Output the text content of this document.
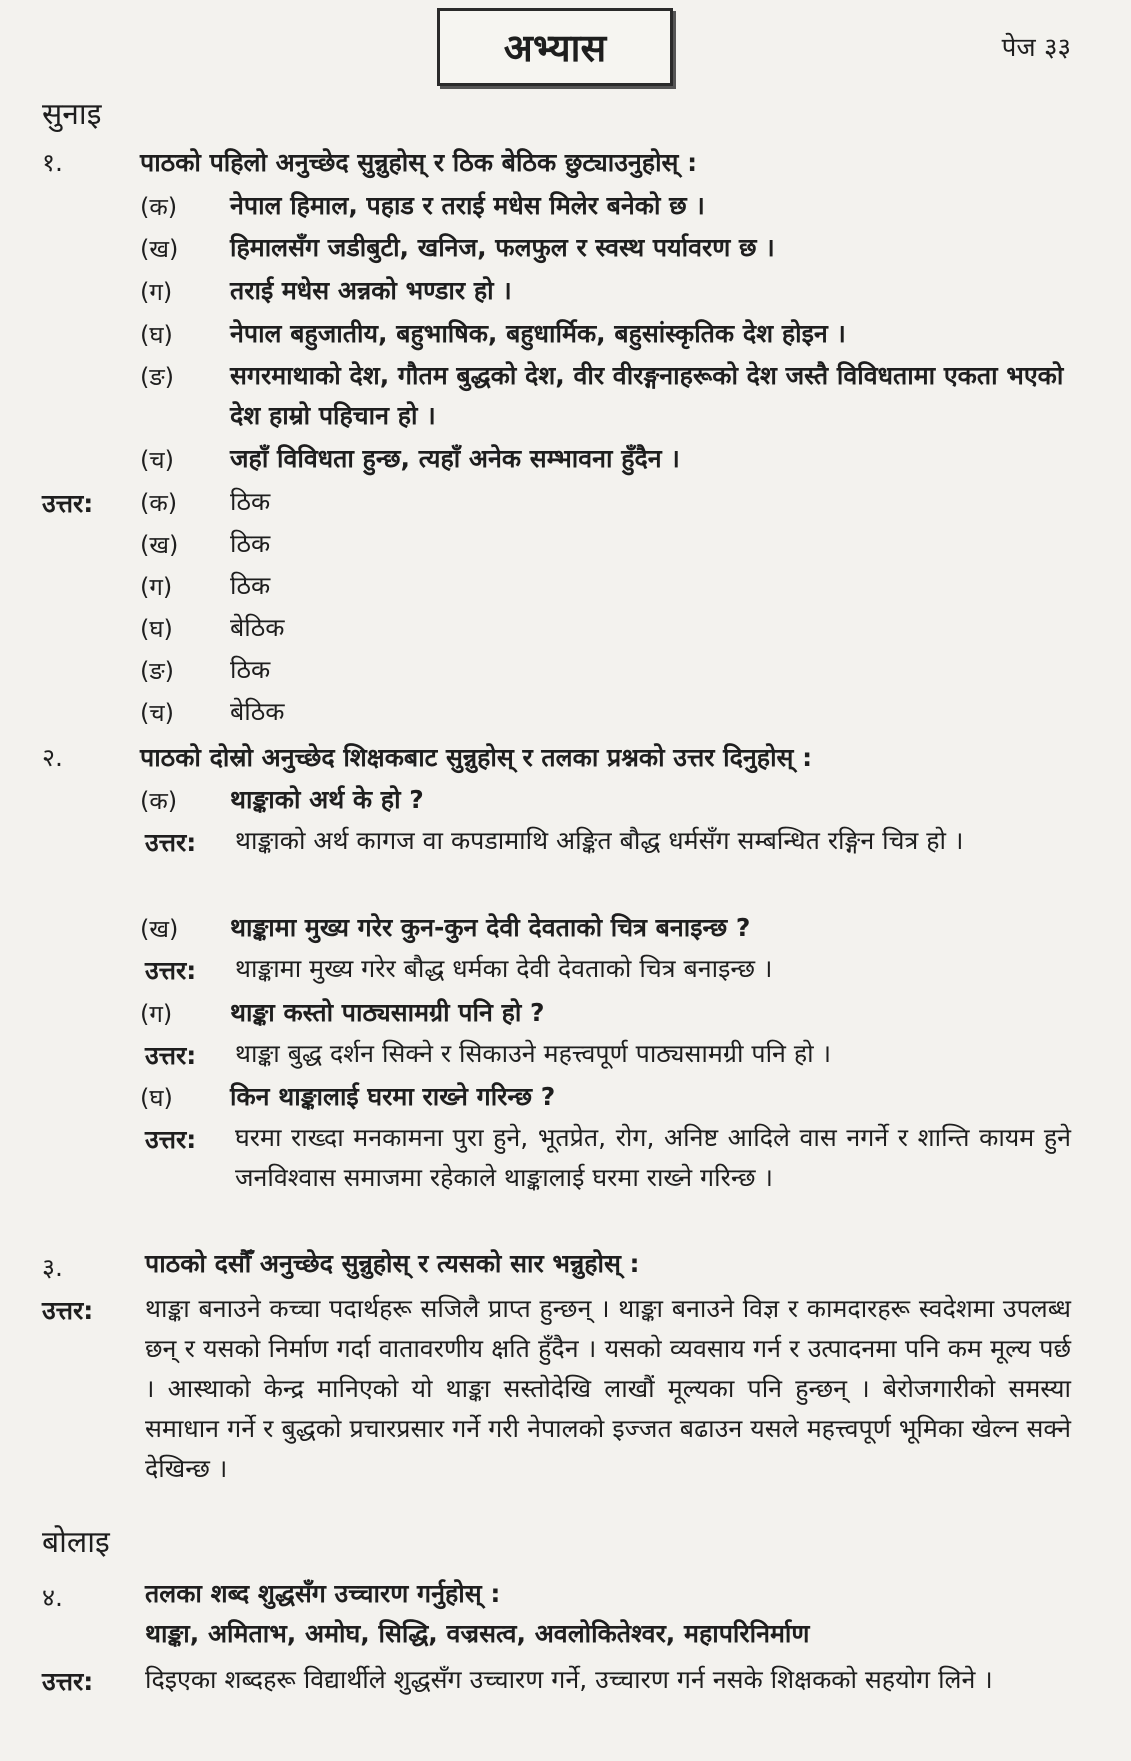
अभ्यास	पेज ३३
सुनाइ
१.	पाठको पहिलो अनुच्छेद सुन्नुहोस् र ठिक बेठिक छुट्याउनुहोस् :
(क)	नेपाल हिमाल, पहाड र तराई मधेस मिलेर बनेको छ ।
(ख)	हिमालसँग जडीबुटी, खनिज, फलफुल र स्वस्थ पर्यावरण छ ।
(ग)	तराई मधेस अन्नको भण्डार हो ।
(घ)	नेपाल बहुजातीय, बहुभाषिक, बहुधार्मिक, बहुसांस्कृतिक देश होइन ।
(ङ)	सगरमाथाको देश, गौतम बुद्धको देश, वीर वीरङ्गनाहरूको देश जस्तै विविधतामा एकता भएको देश हाम्रो पहिचान हो ।
(च)	जहाँ विविधता हुन्छ, त्यहाँ अनेक सम्भावना हुँदैन ।
उत्तर: (क)	ठिक
(ख)	ठिक
(ग)	ठिक
(घ)	बेठिक
(ङ)	ठिक
(च)	बेठिक
२.	पाठको दोस्रो अनुच्छेद शिक्षकबाट सुन्नुहोस् र तलका प्रश्नको उत्तर दिनुहोस् :
(क)	थाङ्काको अर्थ के हो ?
उत्तर: थाङ्काको अर्थ कागज वा कपडामाथि अङ्कित बौद्ध धर्मसँग सम्बन्धित रङ्गिन चित्र हो ।
(ख)	थाङ्कामा मुख्य गरेर कुन-कुन देवी देवताको चित्र बनाइन्छ ?
उत्तर: थाङ्कामा मुख्य गरेर बौद्ध धर्मका देवी देवताको चित्र बनाइन्छ ।
(ग)	थाङ्का कस्तो पाठ्यसामग्री पनि हो ?
उत्तर: थाङ्का बुद्ध दर्शन सिक्ने र सिकाउने महत्त्वपूर्ण पाठ्यसामग्री पनि हो ।
(घ)	किन थाङ्कालाई घरमा राख्ने गरिन्छ ?
उत्तर: घरमा राख्दा मनकामना पुरा हुने, भूतप्रेत, रोग, अनिष्ट आदिले वास नगर्ने र शान्ति कायम हुने जनविश्वास समाजमा रहेकाले थाङ्कालाई घरमा राख्ने गरिन्छ ।
३.	पाठको दसौँ अनुच्छेद सुन्नुहोस् र त्यसको सार भन्नुहोस् :
उत्तर: थाङ्का बनाउने कच्चा पदार्थहरू सजिलै प्राप्त हुन्छन् । थाङ्का बनाउने विज्ञ र कामदारहरू स्वदेशमा उपलब्ध छन् र यसको निर्माण गर्दा वातावरणीय क्षति हुँदैन । यसको व्यवसाय गर्न र उत्पादनमा पनि कम मूल्य पर्छ । आस्थाको केन्द्र मानिएको यो थाङ्का सस्तोदेखि लाखौं मूल्यका पनि हुन्छन् । बेरोजगारीको समस्या समाधान गर्ने र बुद्धको प्रचारप्रसार गर्ने गरी नेपालको इज्जत बढाउन यसले महत्त्वपूर्ण भूमिका खेल्न सक्ने देखिन्छ ।
बोलाइ
४.	तलका शब्द शुद्धसँग उच्चारण गर्नुहोस् :
थाङ्का, अमिताभ, अमोघ, सिद्धि, वज्रसत्व, अवलोकितेश्वर, महापरिनिर्माण
उत्तर: दिइएका शब्दहरू विद्यार्थीले शुद्धसँग उच्चारण गर्ने, उच्चारण गर्न नसके शिक्षकको सहयोग लिने ।
